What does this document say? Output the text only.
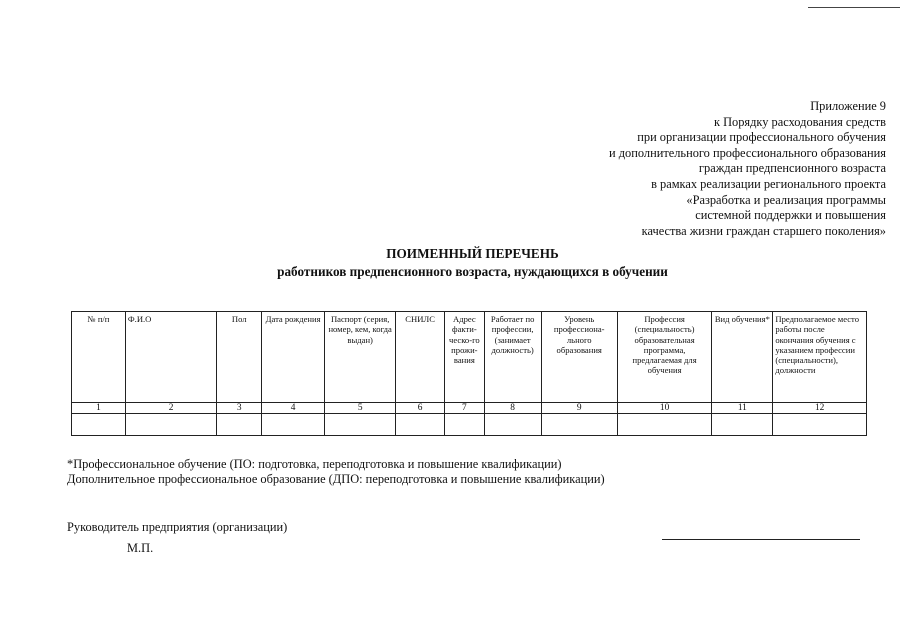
Приложение 9
к Порядку расходования средств
при организации профессионального обучения
и дополнительного профессионального образования
граждан предпенсионного возраста
в рамках реализации регионального проекта
«Разработка и реализация программы
системной поддержки и повышения
качества жизни граждан старшего поколения»
ПОИМЕННЫЙ ПЕРЕЧЕНЬ
работников предпенсионного возраста, нуждающихся в обучении
№ п/п	Ф.И.О	Пол	Дата рождения	Паспорт (серия, номер, кем, когда выдан)	СНИЛС	Адрес факти-ческо-го прожи-вания	Работает по профессии, (занимает должность)	Уровень профессиона-льного образования	Профессия (специальность) образовательная программа, предлагаемая для обучения	Вид обучения*	Предполагаемое место работы после окончания обучения с указанием профессии (специальности), должности
1	2	3	4	5	6	7	8	9	10	11	12

*Профессиональное обучение (ПО: подготовка, переподготовка и повышение квалификации)
Дополнительное профессиональное образование (ДПО: переподготовка и повышение квалификации)
Руководитель предприятия (организации)
М.П.
